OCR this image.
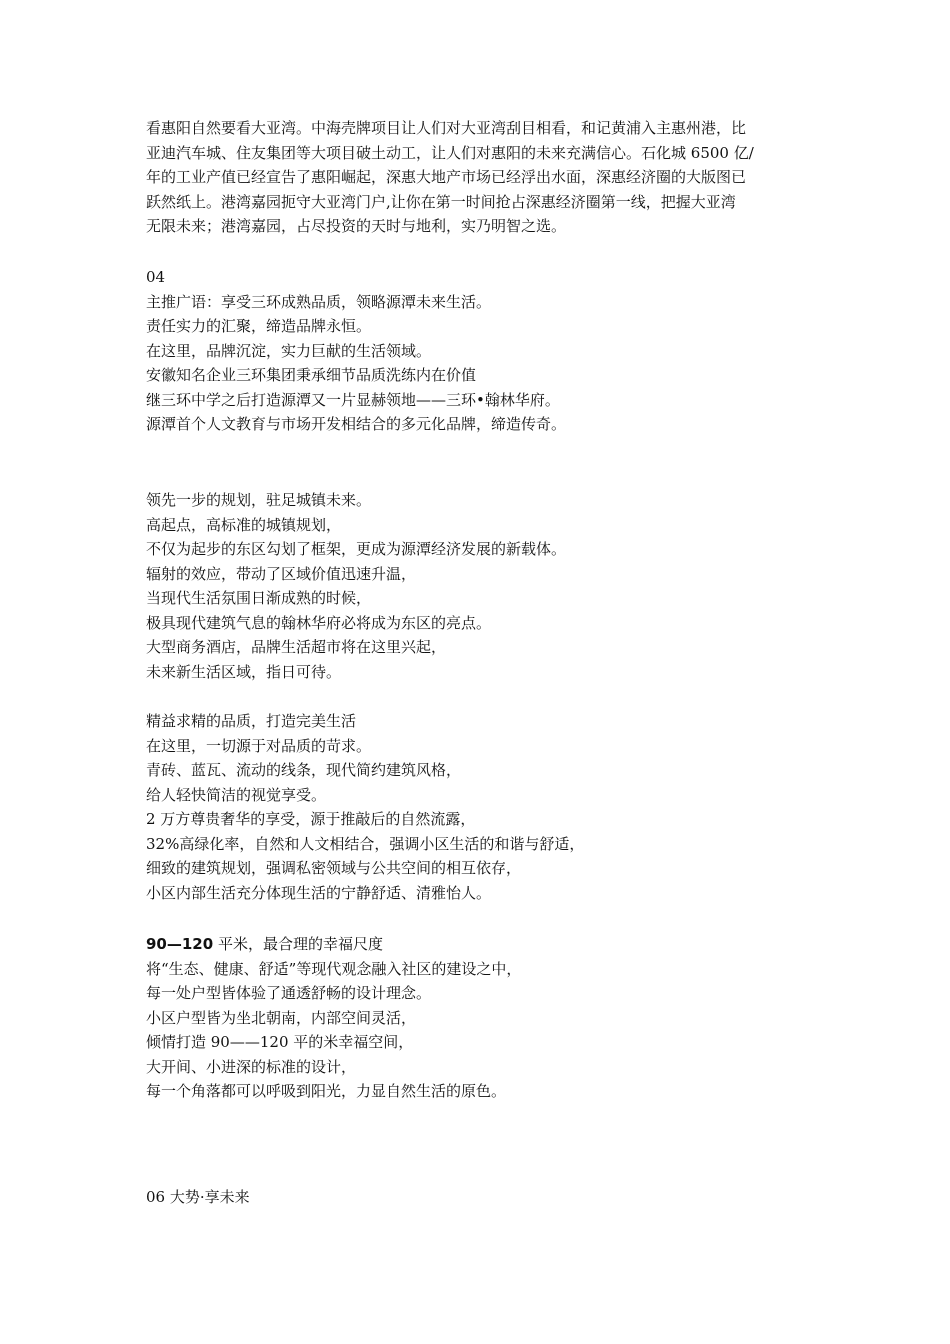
看惠阳自然要看大亚湾。中海壳牌项目让人们对大亚湾刮目相看，和记黄浦入主惠州港，比

亚迪汽车城、住友集团等大项目破土动工，让人们对惠阳的未来充满信心。石化城 6500 亿/

年的工业产值已经宣告了惠阳崛起，深惠大地产市场已经浮出水面，深惠经济圈的大版图已

跃然纸上。港湾嘉园扼守大亚湾门户,让你在第一时间抢占深惠经济圈第一线，把握大亚湾

无限未来；港湾嘉园，占尽投资的天时与地利，实乃明智之选。

04

主推广语：享受三环成熟品质，领略源潭未来生活。

责任实力的汇聚，缔造品牌永恒。

在这里，品牌沉淀，实力巨献的生活领域。

安徽知名企业三环集团秉承细节品质洗练内在价值

继三环中学之后打造源潭又一片显赫领地——三环•翰林华府。

源潭首个人文教育与市场开发相结合的多元化品牌，缔造传奇。

领先一步的规划，驻足城镇未来。

高起点，高标准的城镇规划，

不仅为起步的东区勾划了框架，更成为源潭经济发展的新载体。

辐射的效应，带动了区域价值迅速升温，

当现代生活氛围日渐成熟的时候，

极具现代建筑气息的翰林华府必将成为东区的亮点。

大型商务酒店，品牌生活超市将在这里兴起，

未来新生活区域，指日可待。

精益求精的品质，打造完美生活

在这里，一切源于对品质的苛求。

青砖、蓝瓦、流动的线条，现代简约建筑风格，

给人轻快简洁的视觉享受。

2 万方尊贵奢华的享受，源于推敲后的自然流露，

32%高绿化率，自然和人文相结合，强调小区生活的和谐与舒适，

细致的建筑规划，强调私密领域与公共空间的相互依存，

小区内部生活充分体现生活的宁静舒适、清雅怡人。

90—120 平米，最合理的幸福尺度

将“生态、健康、舒适”等现代观念融入社区的建设之中，

每一处户型皆体验了通透舒畅的设计理念。

小区户型皆为坐北朝南，内部空间灵活，

倾情打造 90——120 平的米幸福空间，

大开间、小进深的标准的设计，

每一个角落都可以呼吸到阳光，力显自然生活的原色。

06 大势·享未来
